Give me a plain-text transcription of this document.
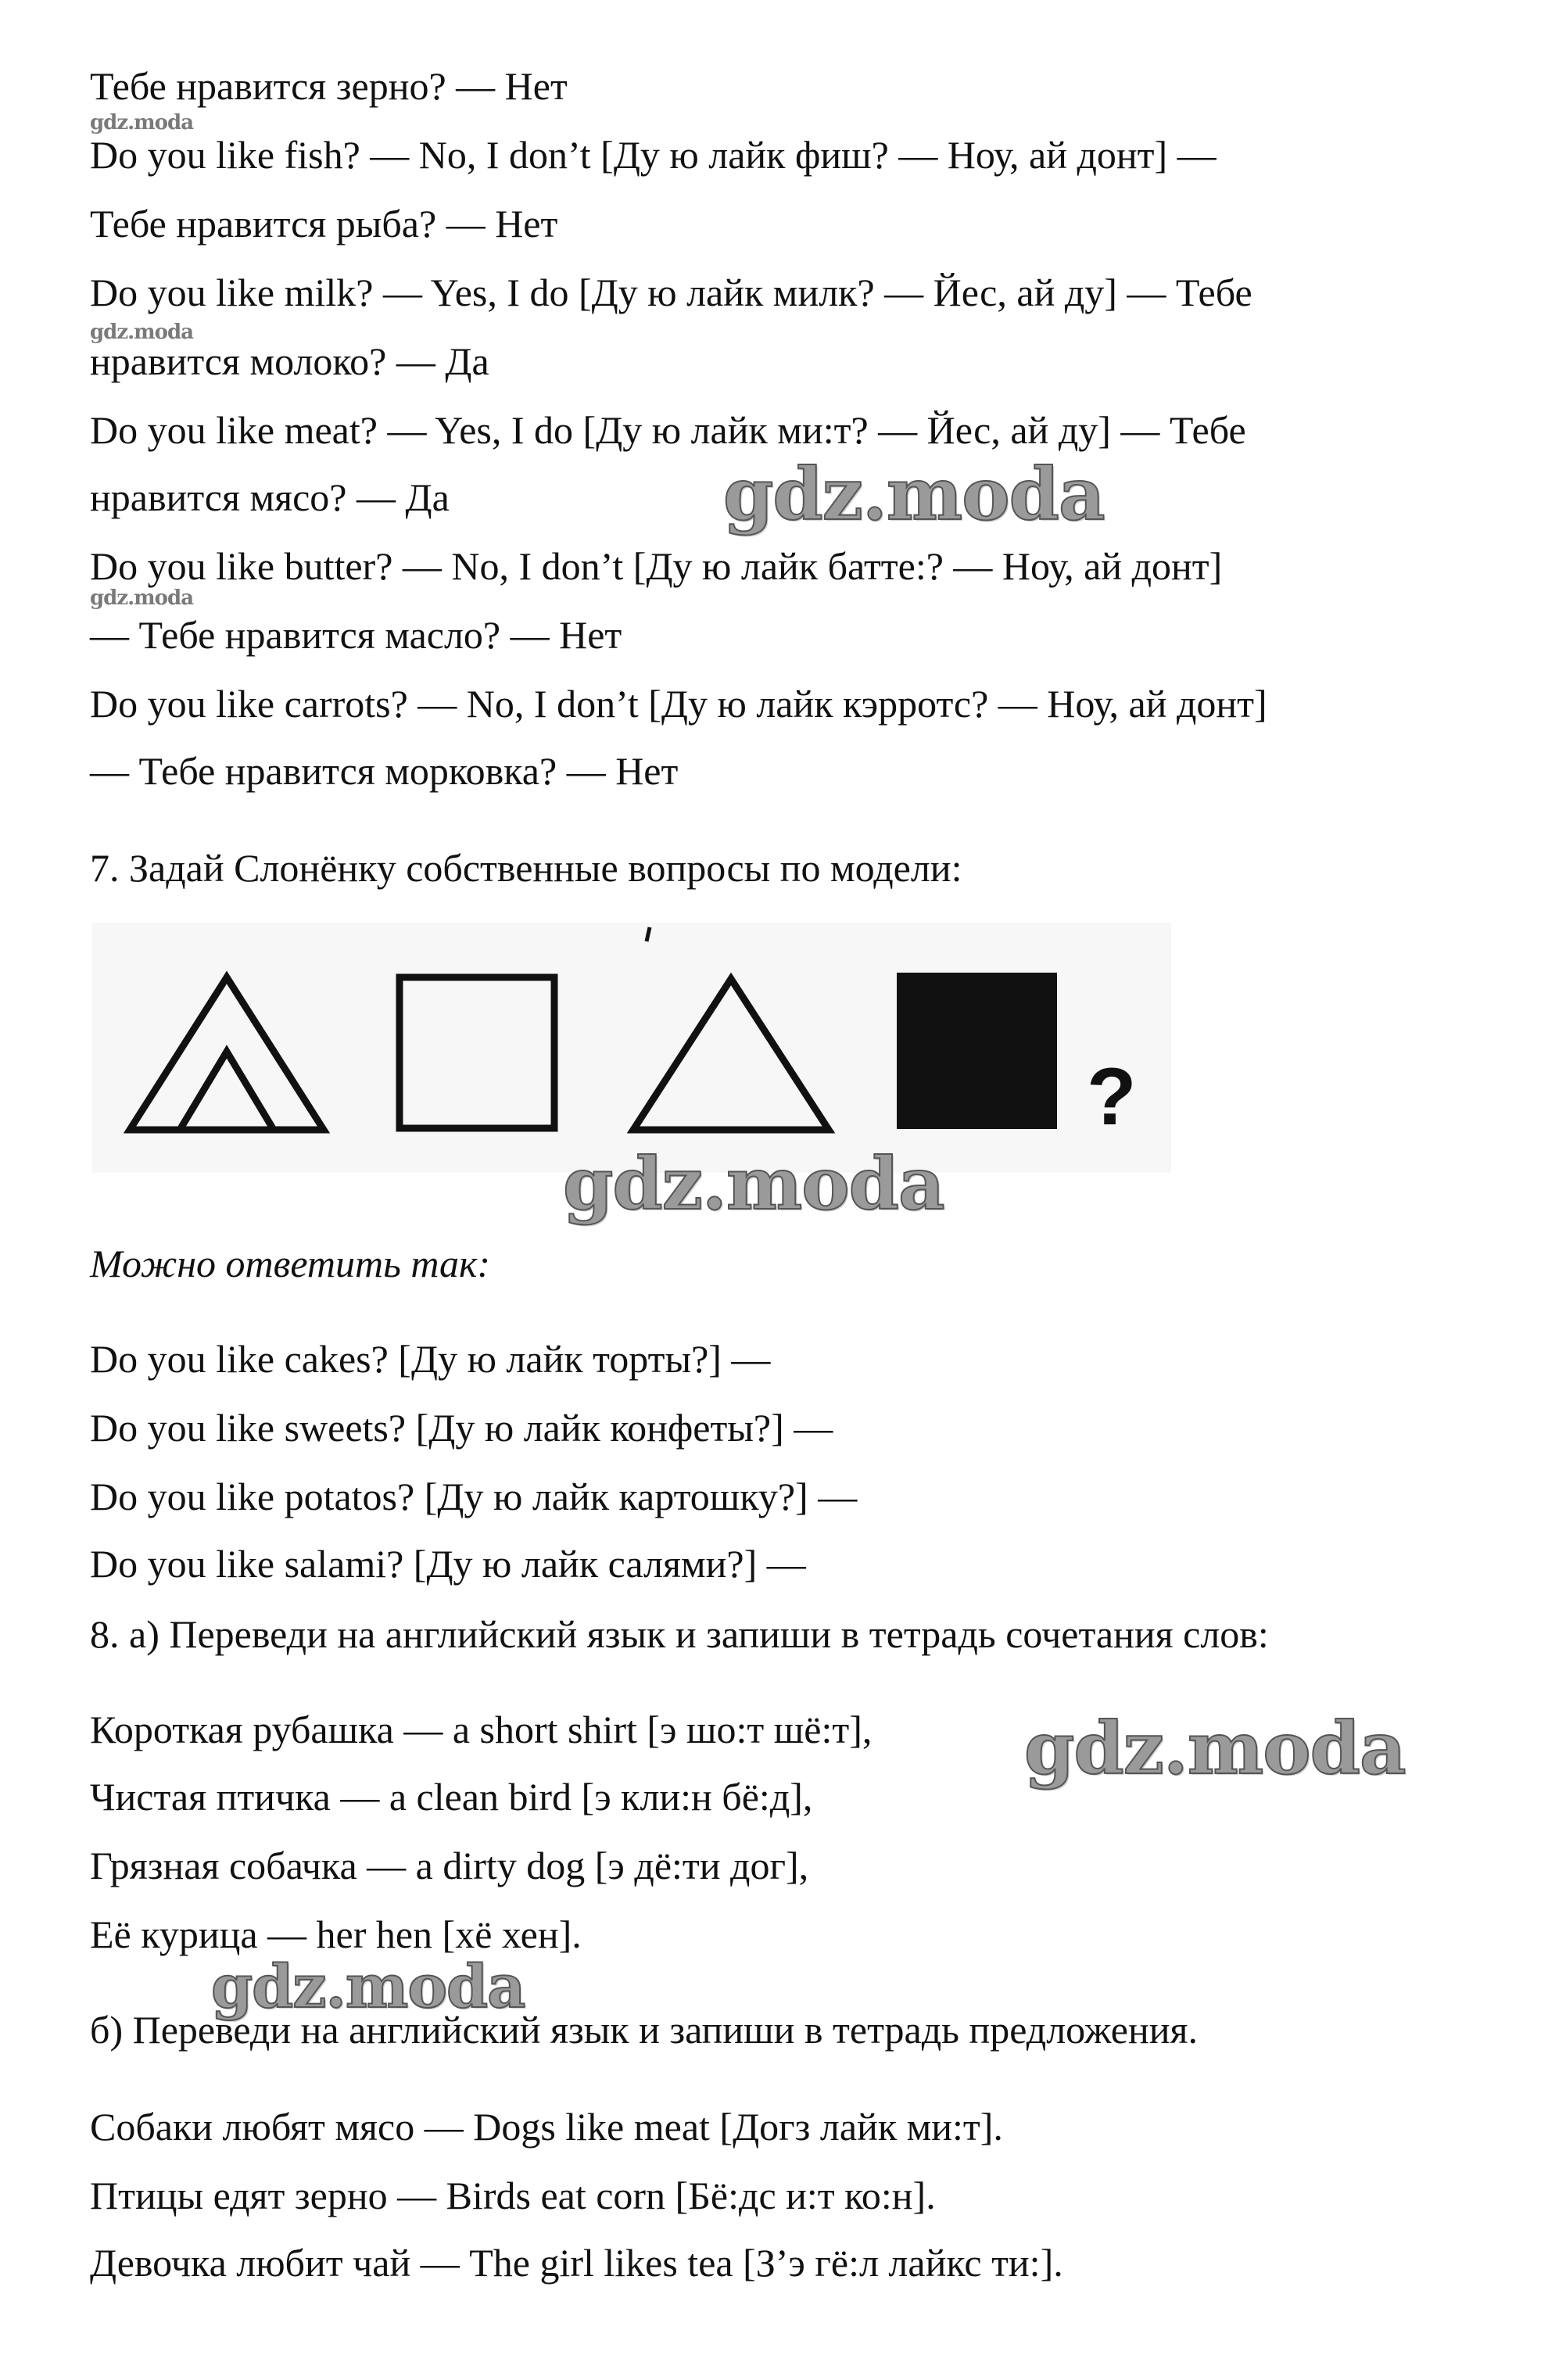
Тебе нравится зерно? — Нет
Do you like fish? — No, I don’t [Ду ю лайк фиш? — Ноу, ай донт] —
Тебе нравится рыба? — Нет
Do you like milk? — Yes, I do [Ду ю лайк милк? — Йес, ай ду] — Тебе
нравится молоко? — Да
Do you like meat? — Yes, I do [Ду ю лайк ми:т? — Йес, ай ду] — Тебе
нравится мясо? — Да
Do you like butter? — No, I don’t [Ду ю лайк батте:? — Ноу, ай донт]
— Тебе нравится масло? — Нет
Do you like carrots? — No, I don’t [Ду ю лайк кэрротс? — Ноу, ай донт]
— Тебе нравится морковка? — Нет
7. Задай Слонёнку собственные вопросы по модели:
?
Можно ответить так:
Do you like cakes? [Ду ю лайк торты?] —
Do you like sweets? [Ду ю лайк конфеты?] —
Do you like potatos? [Ду ю лайк картошку?] —
Do you like salami? [Ду ю лайк салями?] —
8. а) Переведи на английский язык и запиши в тетрадь сочетания слов:
Короткая рубашка — a short shirt [э шо:т шё:т],
Чистая птичка — a clean bird [э кли:н бё:д],
Грязная собачка — a dirty dog [э дё:ти дог],
Её курица — her hen [хё хен].
б) Переведи на английский язык и запиши в тетрадь предложения.
Собаки любят мясо — Dogs like meat [Догз лайк ми:т].
Птицы едят зерно — Birds eat corn [Бё:дс и:т ко:н].
Девочка любит чай — The girl likes tea [З’э гё:л лайкс ти:].
gdz.moda
gdz.moda
gdz.moda
gdz.moda
gdz.moda
gdz.moda
gdz.moda
